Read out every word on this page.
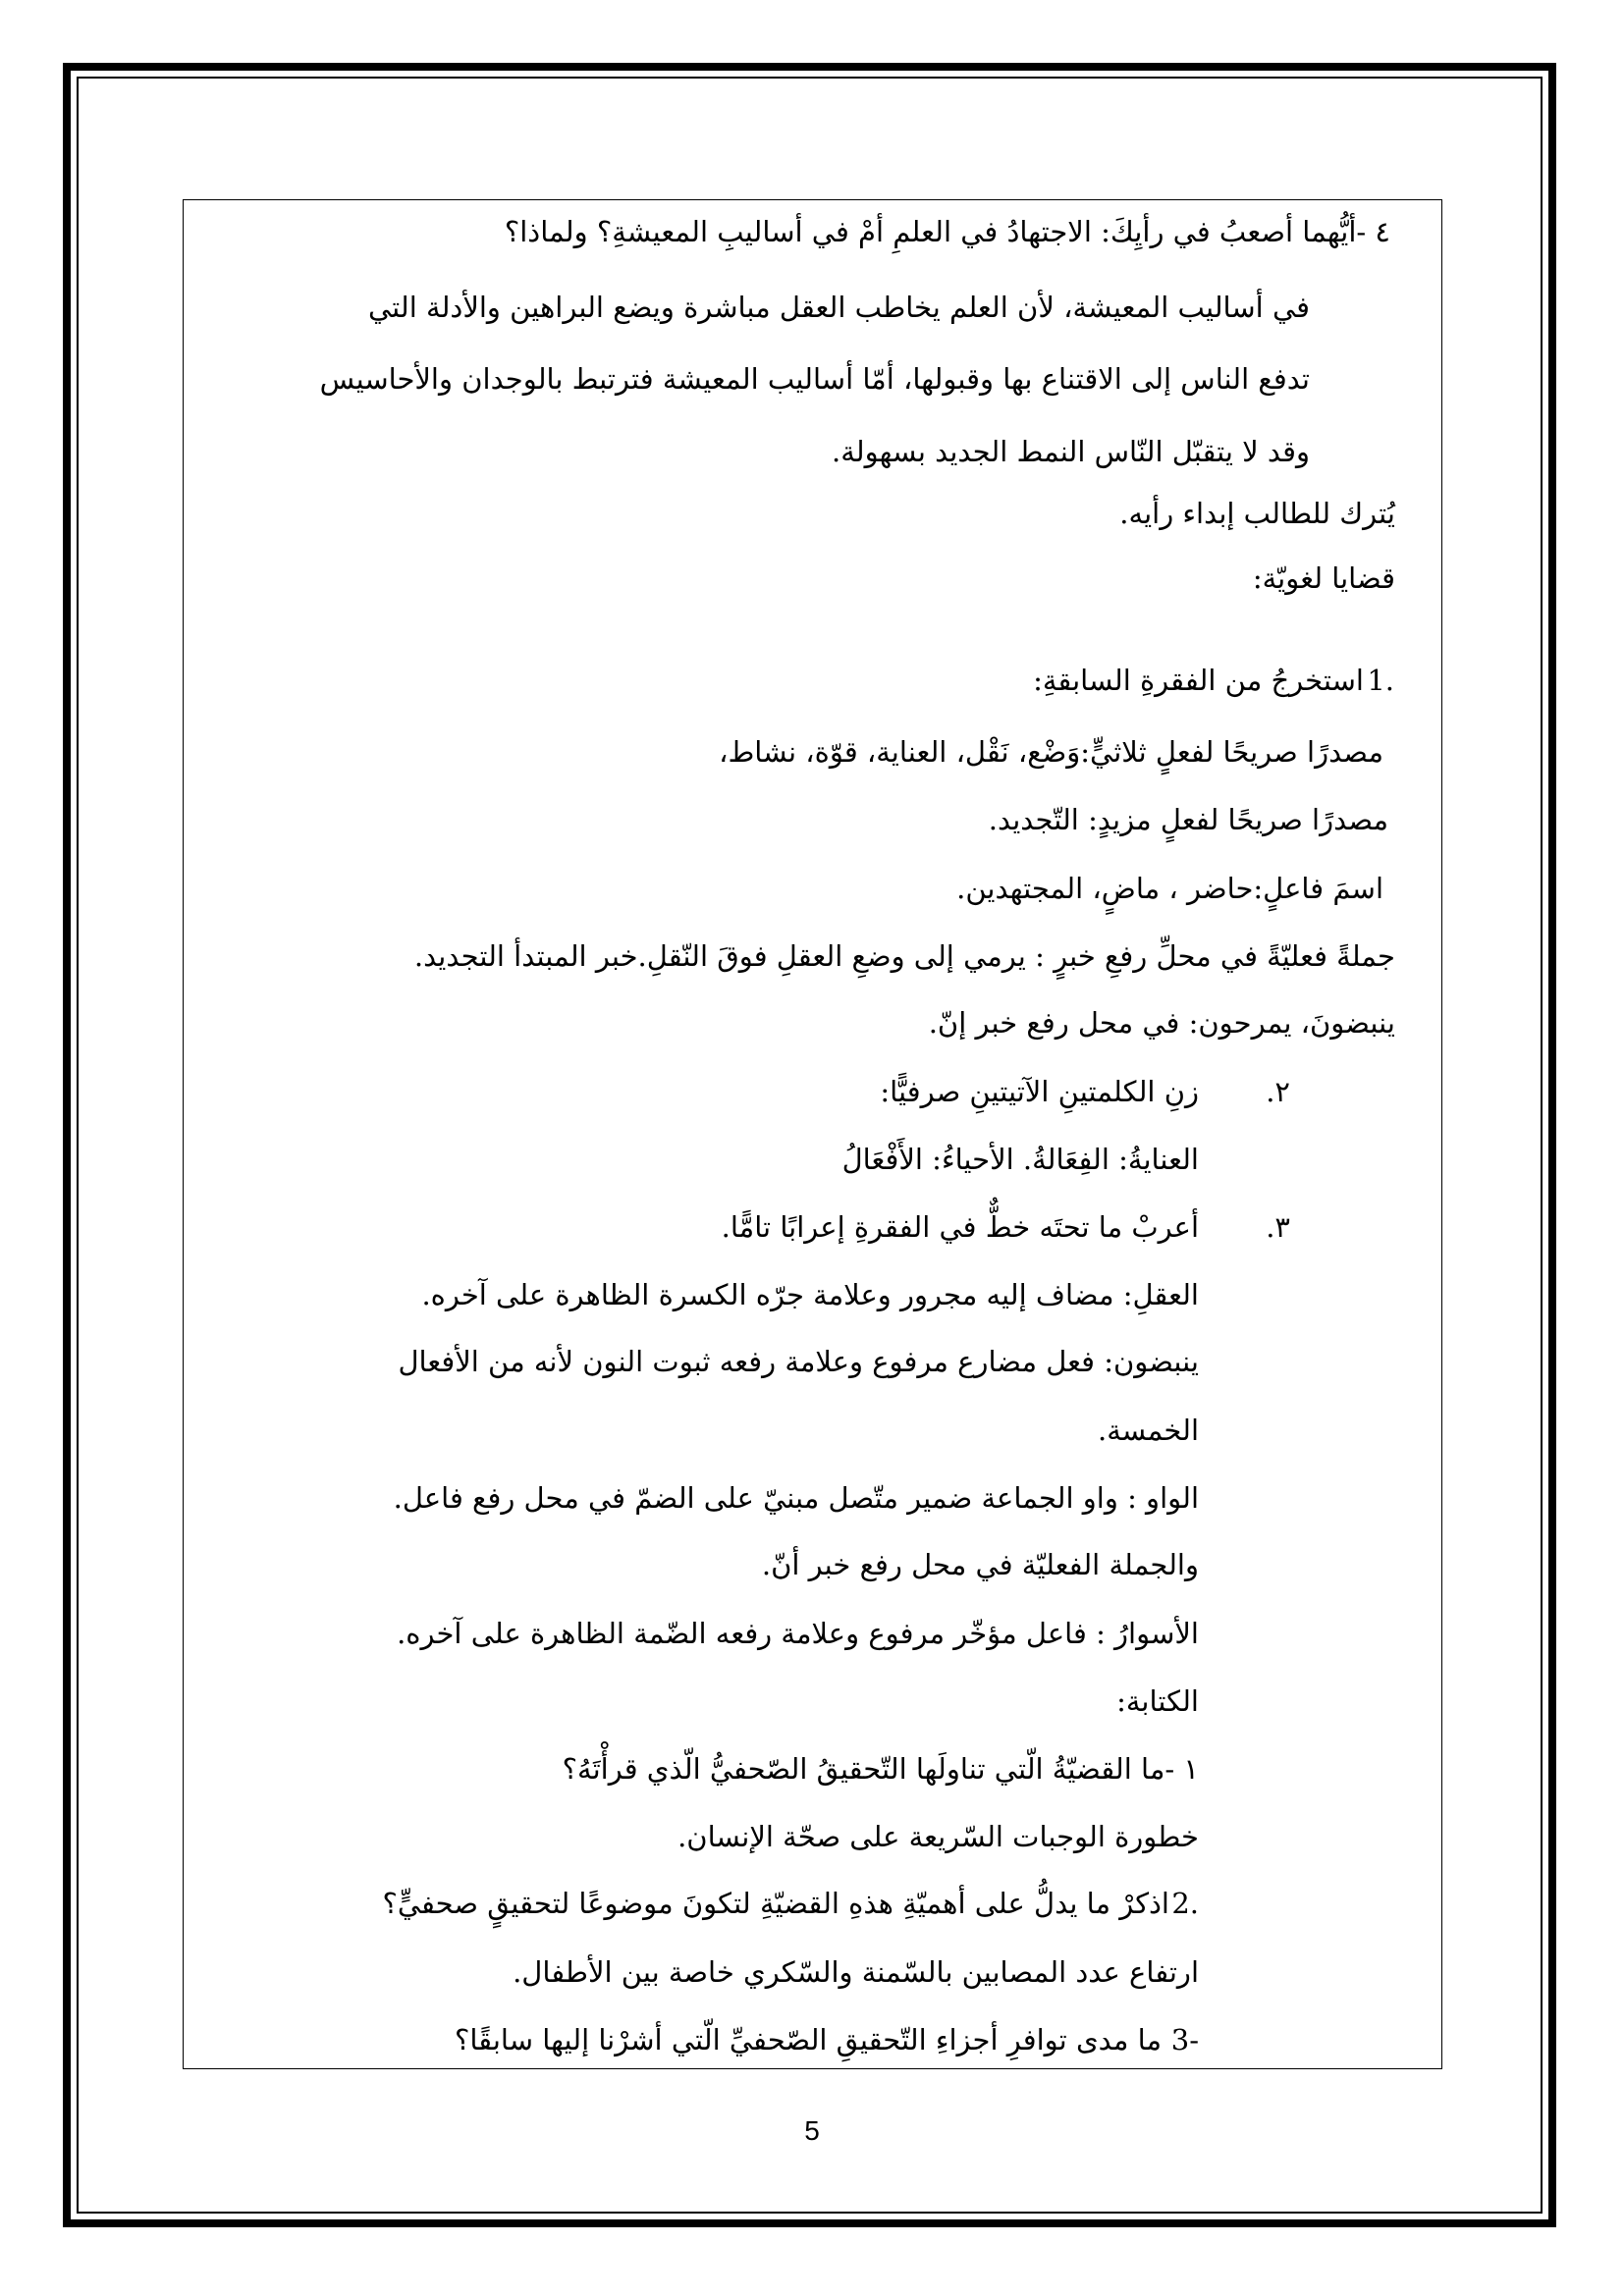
٤ -أيُّهما أصعبُ في رأيِكَ: الاجتهادُ في العلمِ أمْ في أساليبِ المعيشةِ؟ ولماذا؟
في أساليب المعيشة، لأن العلم يخاطب العقل مباشرة ويضع البراهين والأدلة التي
تدفع الناس إلى الاقتناع بها وقبولها، أمّا أساليب المعيشة فترتبط بالوجدان والأحاسيس
وقد لا يتقبّل النّاس النمط الجديد بسهولة.
يُترك للطالب إبداء رأيه.
قضايا لغويّة:
استخرجُ من الفقرةِ السابقةِ: 1.
مصدرًا صريحًا لفعلٍ ثلاثيٍّ:وَضْع، نَقْل، العناية، قوّة، نشاط،
مصدرًا صريحًا لفعلٍ مزيدٍ: التّجديد.
اسمَ فاعلٍ:حاضر ، ماضٍ، المجتهدين.
جملةً فعليّةً في محلِّ رفعِ خبرٍ : يرمي إلى وضعِ العقلِ فوقَ النّقلِ.خبر المبتدأ التجديد.
ينبضونَ، يمرحون: في محل رفع خبر إنّ.
زنِ الكلمتينِ الآتيتينِ صرفيًّا: .٢
العنايةُ: الفِعَالةُ. الأحياءُ: الأَفْعَالُ
أعربْ ما تحتَه خطٌّ في الفقرةِ إعرابًا تامًّا. .٣
العقلِ: مضاف إليه مجرور وعلامة جرّه الكسرة الظاهرة على آخره.
ينبضون: فعل مضارع مرفوع وعلامة رفعه ثبوت النون لأنه من الأفعال
الخمسة.
الواو : واو الجماعة ضمير متّصل مبنيّ على الضمّ في محل رفع فاعل.
والجملة الفعليّة في محل رفع خبر أنّ.
الأسوارُ : فاعل مؤخّر مرفوع وعلامة رفعه الضّمة الظاهرة على آخره.
الكتابة:
١ -ما القضيّةُ الّتي تناولَها التّحقيقُ الصّحفيُّ الّذي قرأْتَهُ؟
خطورة الوجبات السّريعة على صحّة الإنسان.
اذكرْ ما يدلُّ على أهميّةِ هذهِ القضيّةِ لتكونَ موضوعًا لتحقيقٍ صحفيٍّ؟ 2.
ارتفاع عدد المصابين بالسّمنة والسّكري خاصة بين الأطفال.
ما مدى توافرِ أجزاءِ التّحقيقِ الصّحفيِّ الّتي أشرْنا إليها سابقًا؟ 3-
5
